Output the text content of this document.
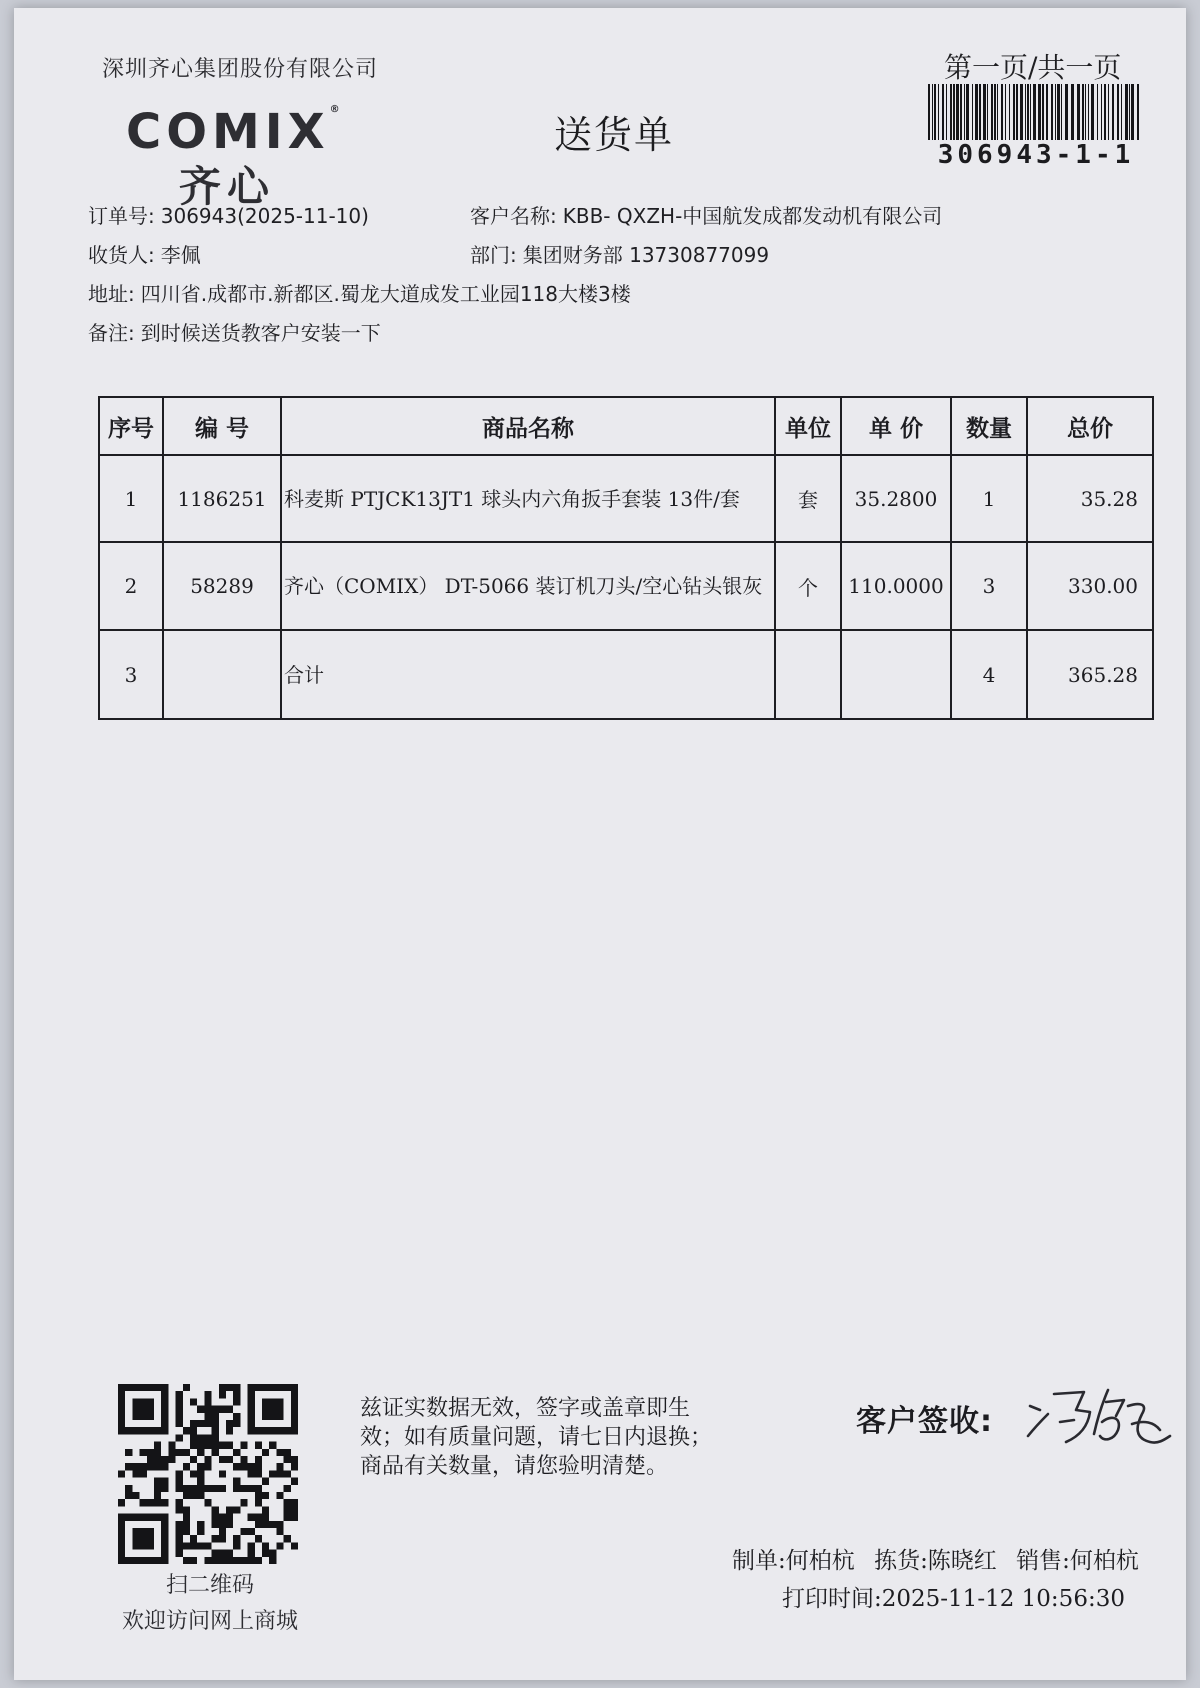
深圳齐心集团股份有限公司	第一页/共一页
COMIX®
齐心
送货单	306943-1-1
订单号: 306943(2025-11-10)	客户名称: KBB- QXZH-中国航发成都发动机有限公司
收货人: 李佩	部门: 集团财务部 13730877099
地址: 四川省.成都市.新都区.蜀龙大道成发工业园118大楼3楼
备注: 到时候送货教客户安装一下
序号	编 号	商品名称	单位	单 价	数量	总价
1	1186251	科麦斯 PTJCK13JT1 球头内六角扳手套装 13件/套	套	35.2800	1	35.28
2	58289	齐心（COMIX） DT-5066 装订机刀头/空心钻头银灰	个	110.0000	3	330.00
3		合计			4	365.28
扫二维码
欢迎访问网上商城
兹证实数据无效，签字或盖章即生
效；如有质量问题，请七日内退换；
商品有关数量，请您验明清楚。
客户签收:
制单:何柏杭 拣货:陈晓红 销售:何柏杭
打印时间:2025-11-12 10:56:30
